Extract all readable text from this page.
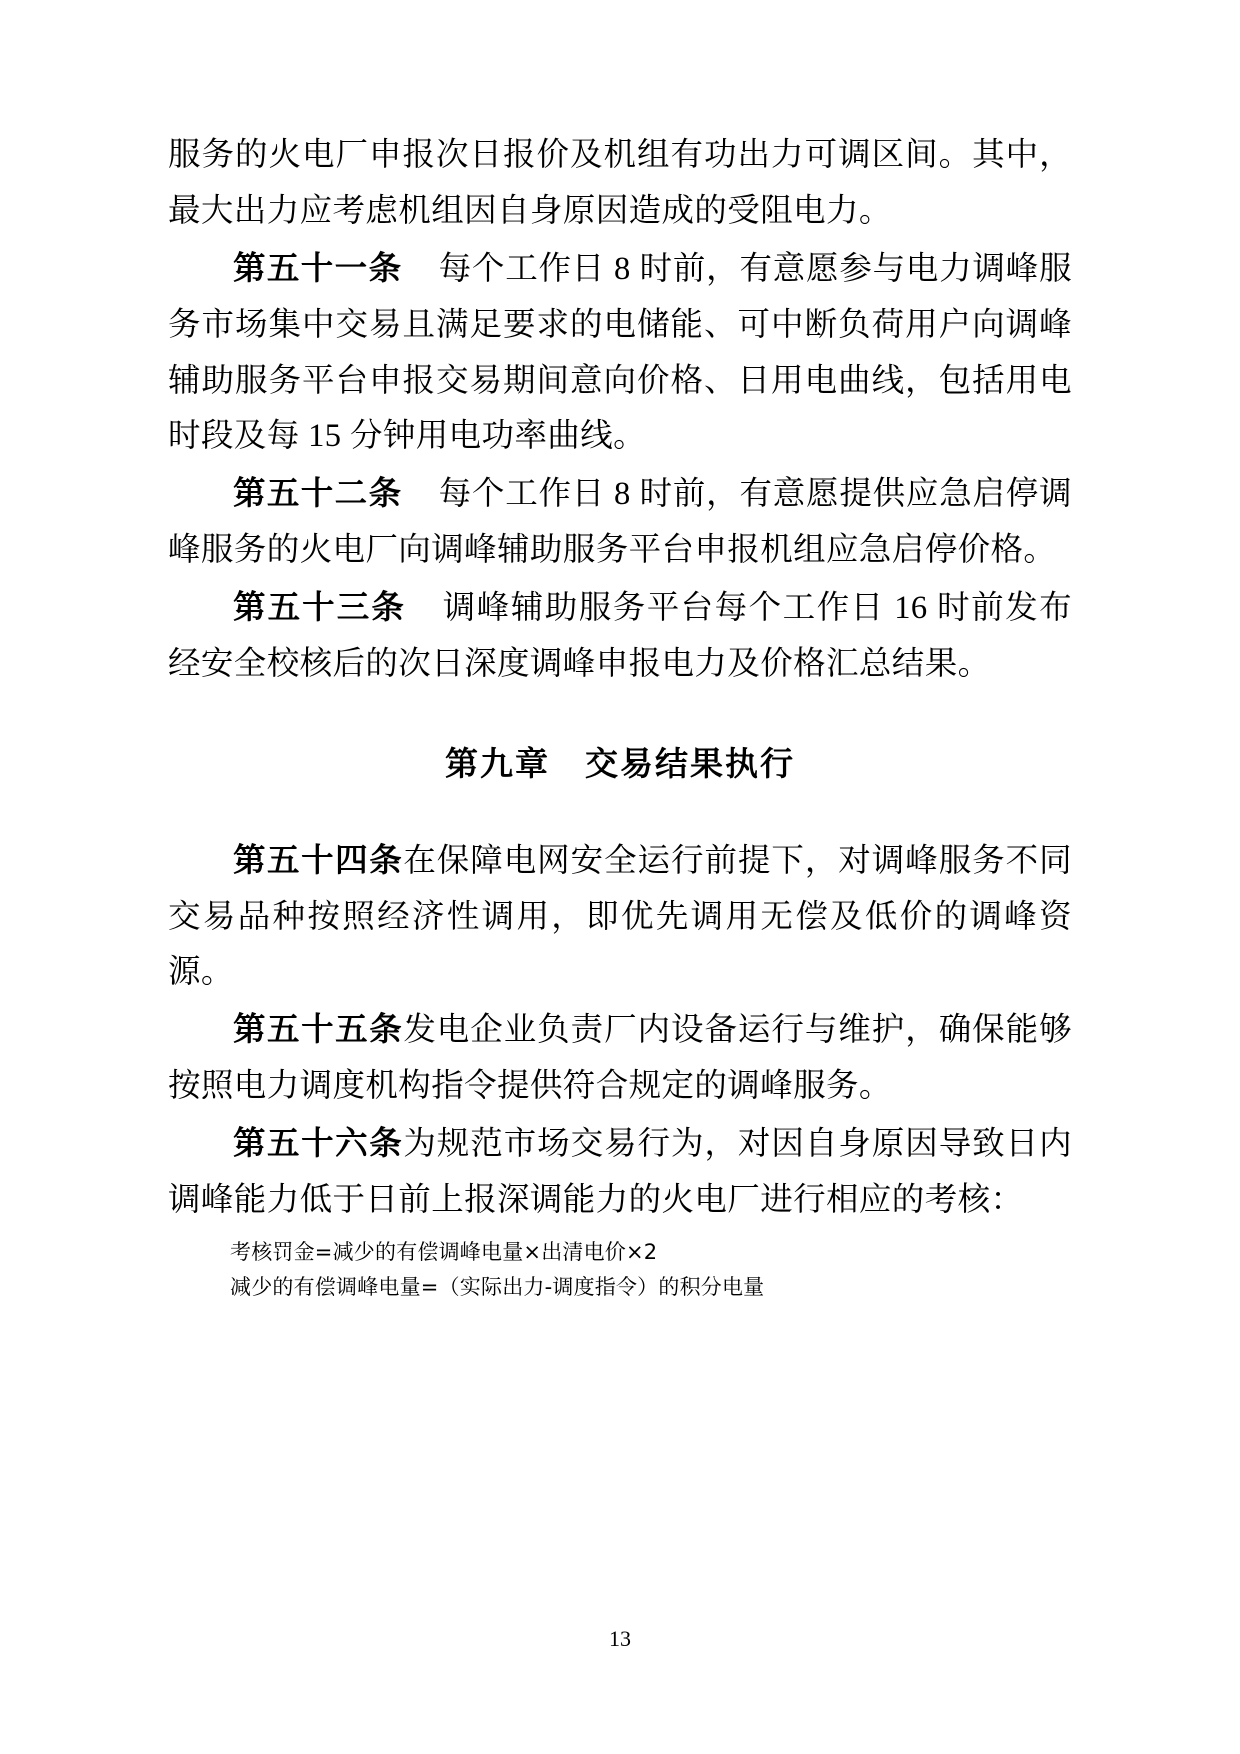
服务的火电厂申报次日报价及机组有功出力可调区间。其中，最大出力应考虑机组因自身原因造成的受阻电力。

第五十一条 每个工作日 8 时前，有意愿参与电力调峰服务市场集中交易且满足要求的电储能、可中断负荷用户向调峰辅助服务平台申报交易期间意向价格、日用电曲线，包括用电时段及每 15 分钟用电功率曲线。

第五十二条 每个工作日 8 时前，有意愿提供应急启停调峰服务的火电厂向调峰辅助服务平台申报机组应急启停价格。

第五十三条 调峰辅助服务平台每个工作日 16 时前发布经安全校核后的次日深度调峰申报电力及价格汇总结果。

第九章　交易结果执行

第五十四条在保障电网安全运行前提下，对调峰服务不同交易品种按照经济性调用，即优先调用无偿及低价的调峰资源。

第五十五条发电企业负责厂内设备运行与维护，确保能够按照电力调度机构指令提供符合规定的调峰服务。

第五十六条为规范市场交易行为，对因自身原因导致日内调峰能力低于日前上报深调能力的火电厂进行相应的考核：

考核罚金=减少的有偿调峰电量×出清电价×2
减少的有偿调峰电量=（实际出力-调度指令）的积分电量
13
